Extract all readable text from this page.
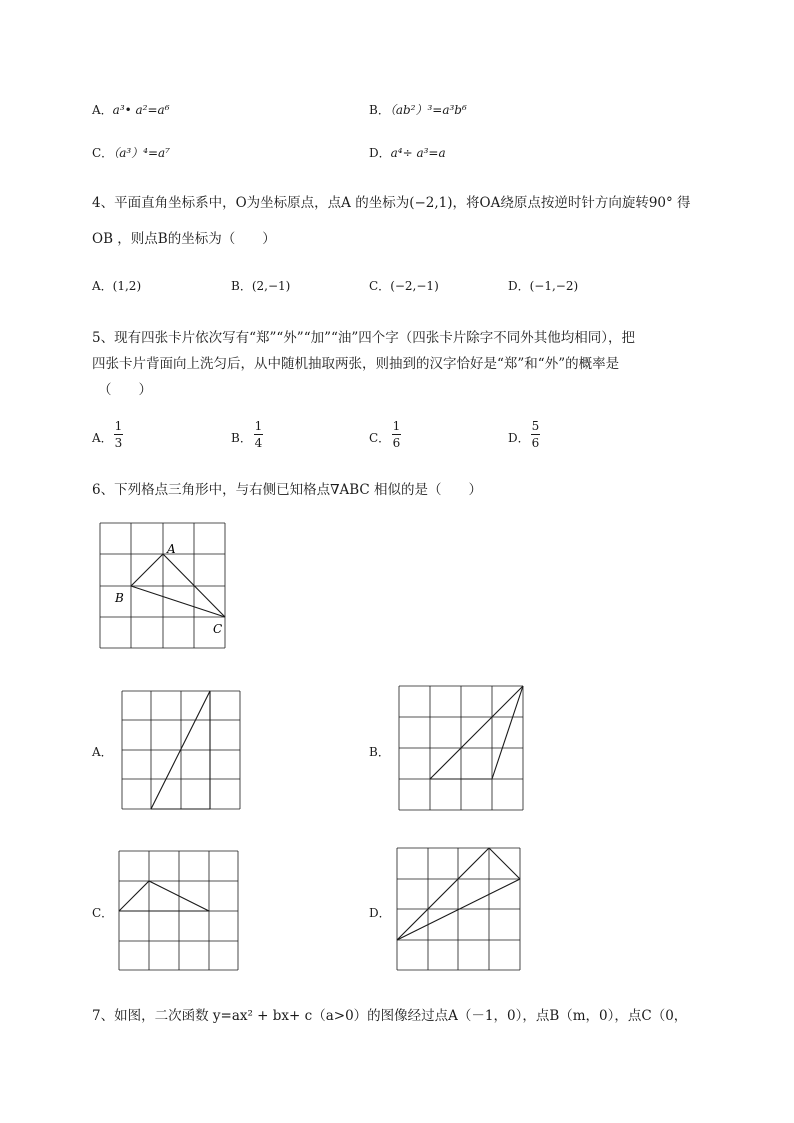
A．a³• a²=a⁶	B．（ab²）³=a³b⁶
C．（a³）⁴=a⁷	D．a⁴÷ a³=a
4、平面直角坐标系中，O为坐标原点，点A 的坐标为(−2,1)，将OA绕原点按逆时针方向旋转90° 得
OB ，则点B的坐标为（　　）
A．(1,2)	B．(2,−1)	C．(−2,−1)	D．(−1,−2)
5、现有四张卡片依次写有“郑”“外”“加”“油”四个字（四张卡片除字不同外其他均相同），把
四张卡片背面向上洗匀后，从中随机抽取两张，则抽到的汉字恰好是“郑”和“外”的概率是
（　　）
A．
1
3	B．
1
4	C．
1
6	D．
5
6
6、下列格点三角形中，与右侧已知格点∇ABC 相似的是（　　）
A
B
C
A．	B．
C．	D．
7、如图，二次函数 y=ax² + bx+ c（a>0）的图像经过点A（－1，0），点B（m，0），点C（0，
